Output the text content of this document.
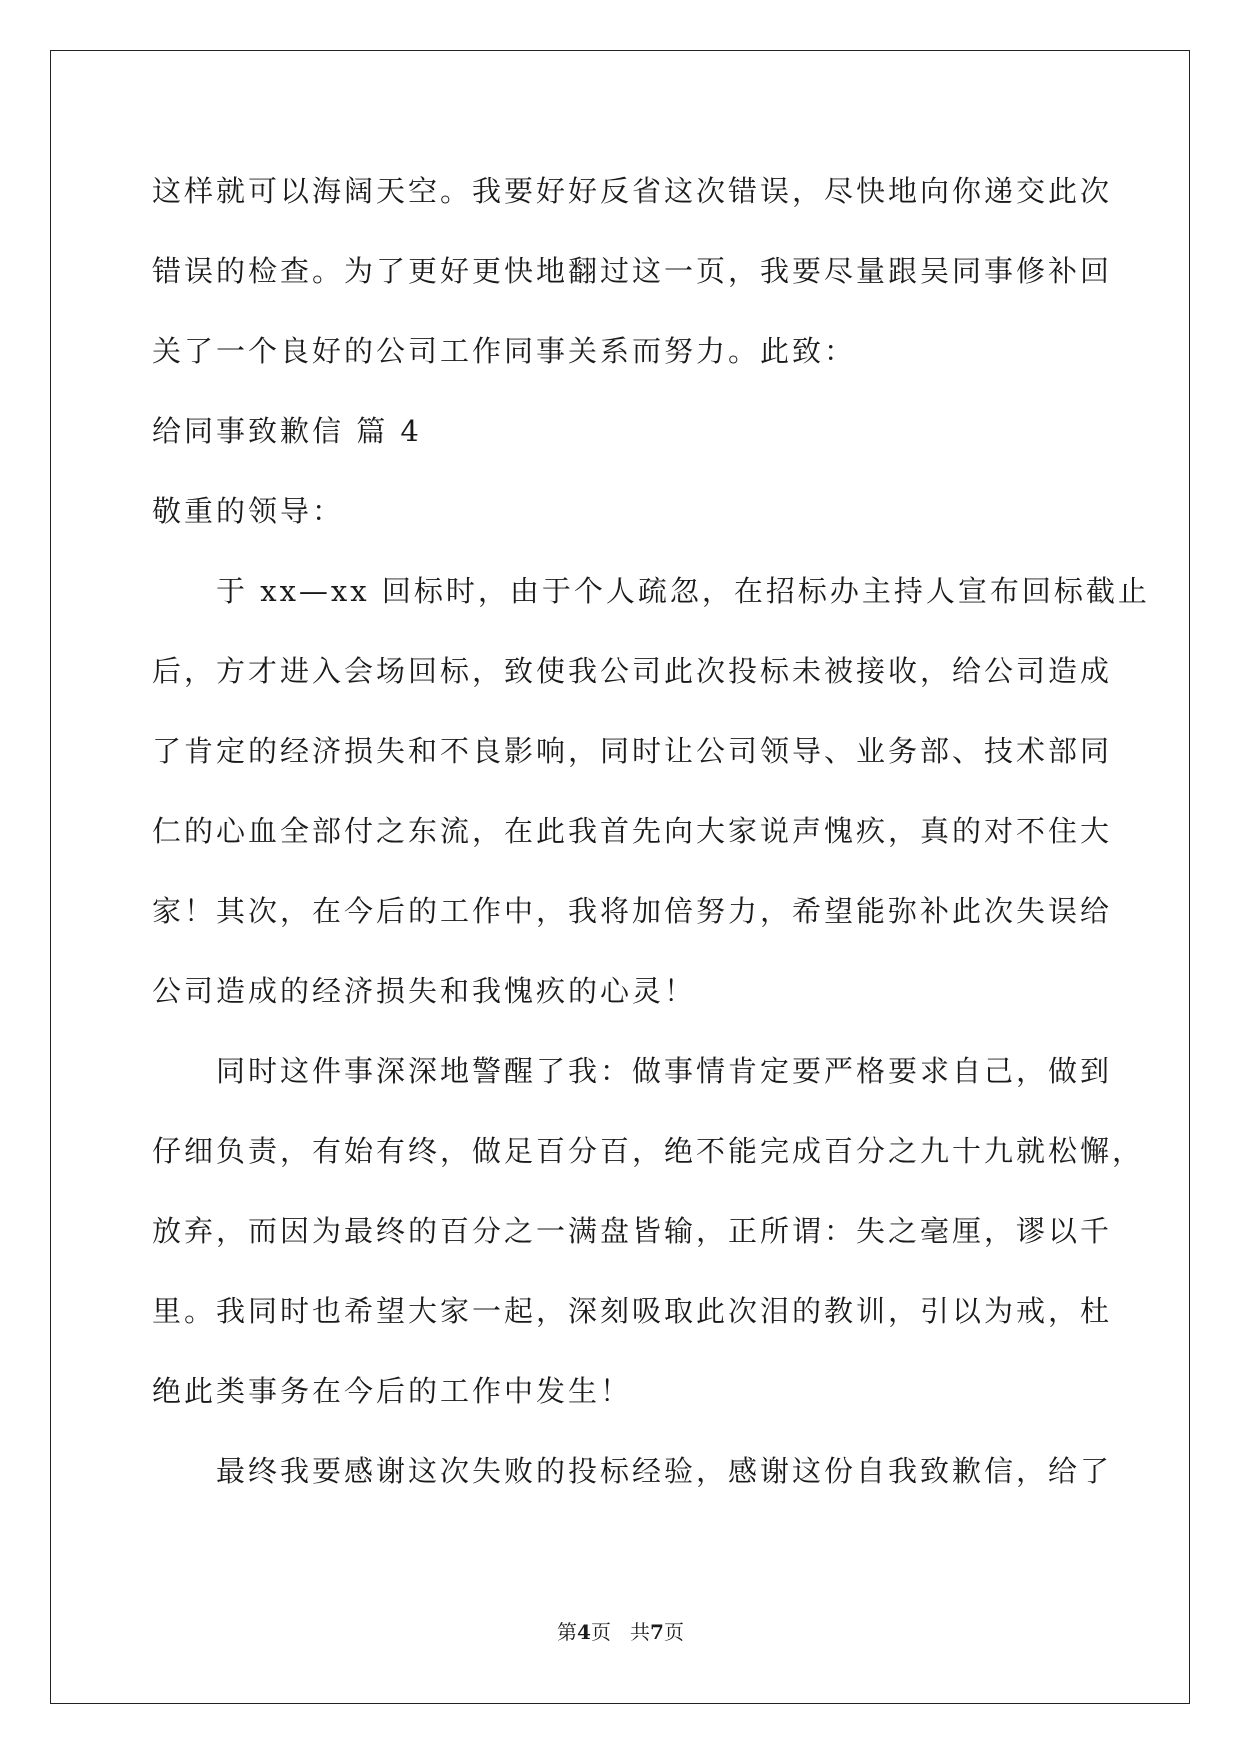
这样就可以海阔天空。我要好好反省这次错误，尽快地向你递交此次
错误的检查。为了更好更快地翻过这一页，我要尽量跟吴同事修补回
关了一个良好的公司工作同事关系而努力。此致：
给同事致歉信 篇 4
敬重的领导：
　　于 xx—xx 回标时，由于个人疏忽，在招标办主持人宣布回标截止
后，方才进入会场回标，致使我公司此次投标未被接收，给公司造成
了肯定的经济损失和不良影响，同时让公司领导、业务部、技术部同
仁的心血全部付之东流，在此我首先向大家说声愧疚，真的对不住大
家！其次，在今后的工作中，我将加倍努力，希望能弥补此次失误给
公司造成的经济损失和我愧疚的心灵！
　　同时这件事深深地警醒了我：做事情肯定要严格要求自己，做到
仔细负责，有始有终，做足百分百，绝不能完成百分之九十九就松懈，
放弃，而因为最终的百分之一满盘皆输，正所谓：失之毫厘，谬以千
里。我同时也希望大家一起，深刻吸取此次泪的教训，引以为戒，杜
绝此类事务在今后的工作中发生！
　　最终我要感谢这次失败的投标经验，感谢这份自我致歉信，给了
第4页 共7页
